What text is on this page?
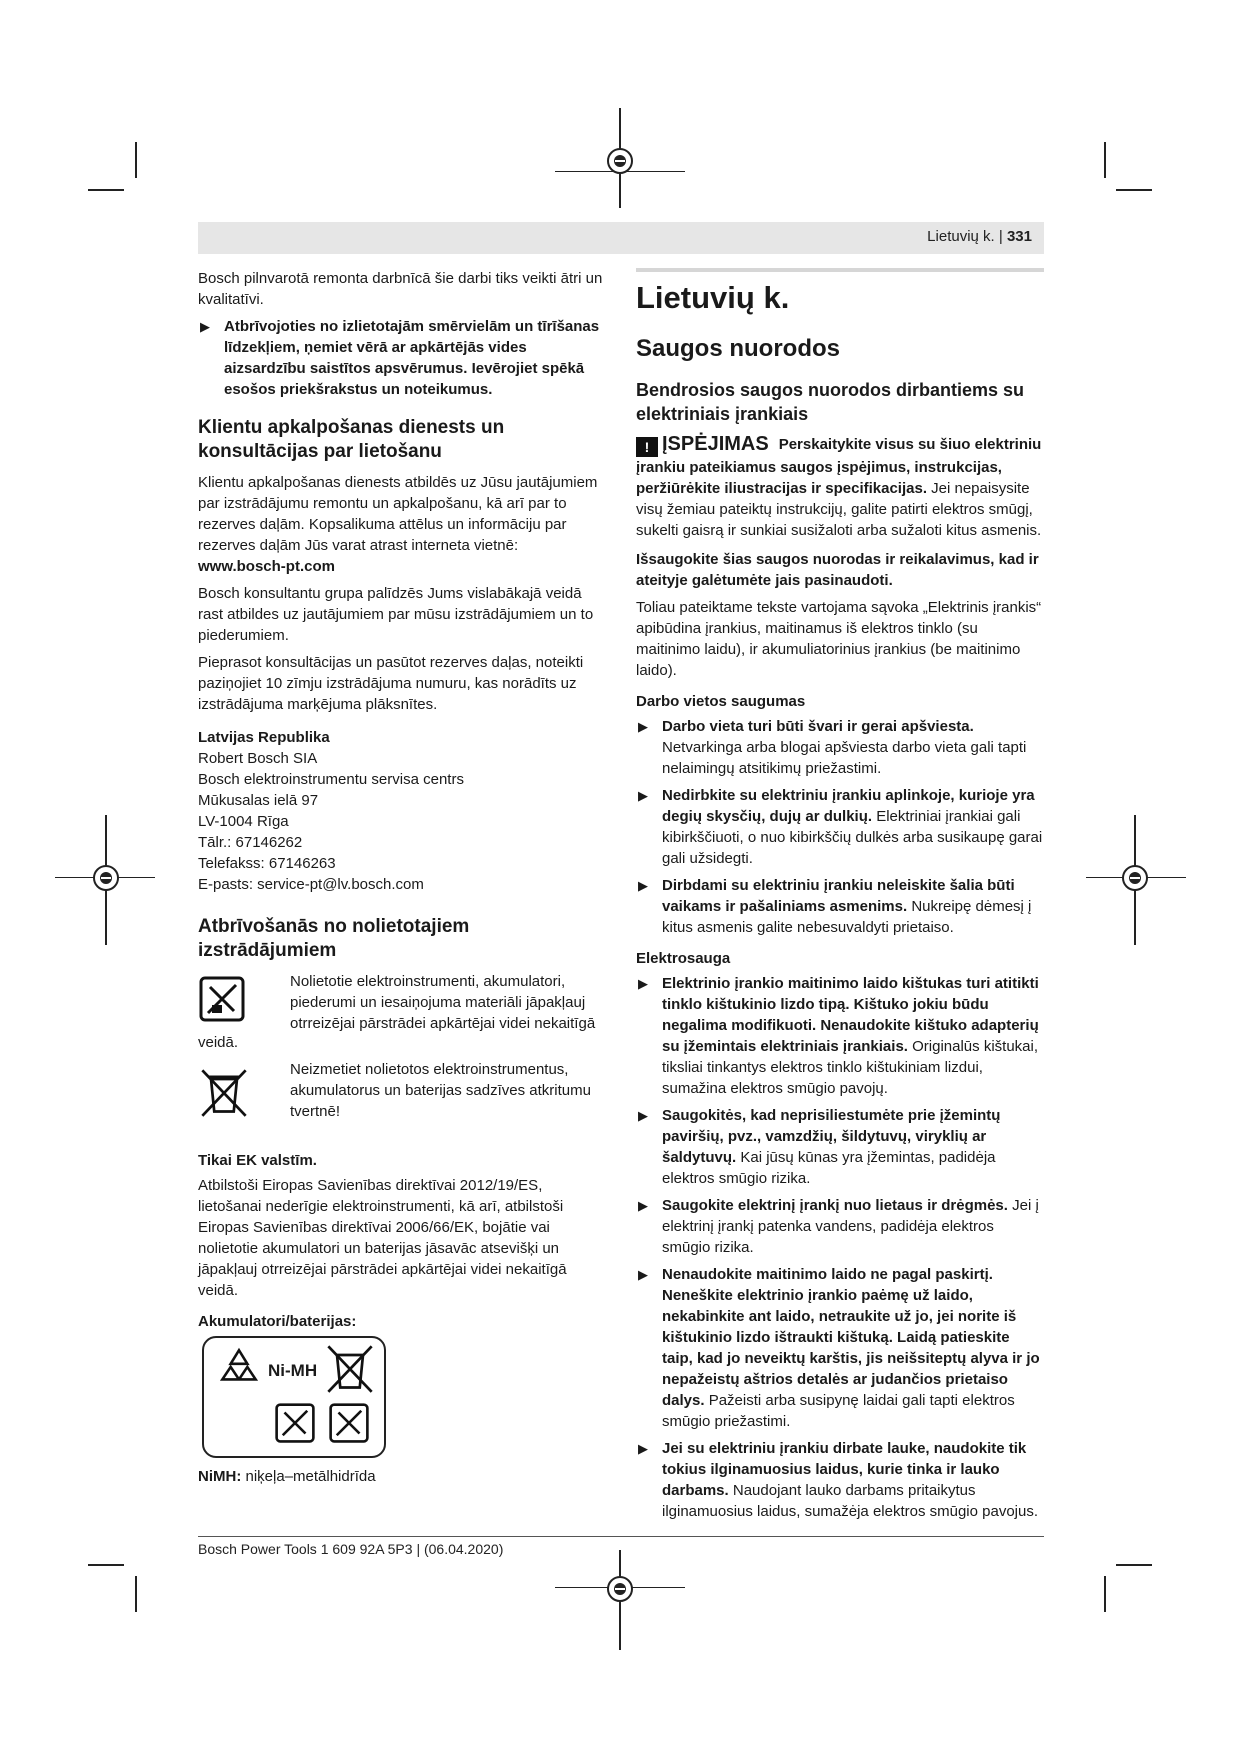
Lietuvių k. | 331

Bosch pilnvarotā remonta darbnīcā šie darbi tiks veikti ātri un kvalitatīvi.

▶ Atbrīvojoties no izlietotajām smērvielām un tīrīšanas līdzekļiem, ņemiet vērā ar apkārtējās vides aizsardzību saistītos apsvērumus. Ievērojiet spēkā esošos priekšrakstus un noteikumus.
Klientu apkalpošanas dienests un konsultācijas par lietošanu

Klientu apkalpošanas dienests atbildēs uz Jūsu jautājumiem par izstrādājumu remontu un apkalpošanu, kā arī par to rezerves daļām. Kopsalikuma attēlus un informāciju par rezerves daļām Jūs varat atrast interneta vietnē:

www.bosch-pt.com

Bosch konsultantu grupa palīdzēs Jums vislabākajā veidā rast atbildes uz jautājumiem par mūsu izstrādājumiem un to piederumiem.

Pieprasot konsultācijas un pasūtot rezerves daļas, noteikti paziņojiet 10 zīmju izstrādājuma numuru, kas norādīts uz izstrādājuma marķējuma plāksnītes.

Latvijas Republika

Robert Bosch SIA

Bosch elektroinstrumentu servisa centrs

Mūkusalas ielā 97

LV-1004 Rīga

Tālr.: 67146262

Telefakss: 67146263

E-pasts: service-pt@lv.bosch.com

Atbrīvošanās no nolietotajiem izstrādājumiem
Nolietotie elektroinstrumenti, akumulatori, piederumi un iesaiņojuma materiāli jāpakļauj otrreizējai pārstrādei apkārtējai videi nekaitīgā

veidā.

Neizmetiet nolietotos elektroinstrumentus, akumulatorus un baterijas sadzīves atkritumu tvertnē!
Tikai EK valstīm.

Atbilstoši Eiropas Savienības direktīvai 2012/19/ES, lietošanai nederīgie elektroinstrumenti, kā arī, atbilstoši Eiropas Savienības direktīvai 2006/66/EK, bojātie vai nolietotie akumulatori un baterijas jāsavāc atsevišķi un jāpakļauj otrreizējai pārstrādei apkārtējai videi nekaitīgā veidā.

Akumulatori/baterijas:
Ni-MH

NiMH: niķeļa–metālhidrīda

Lietuvių k.
Saugos nuorodos
Bendrosios saugos nuorodos dirbantiems su elektriniais įrankiais
! ĮSPĖJIMAS Perskaitykite visus su šiuo elektriniu įrankiu pateikiamus saugos įspėjimus, instrukcijas, peržiūrėkite iliustracijas ir specifikacijas. Jei nepaisysite visų žemiau pateiktų instrukcijų, galite patirti elektros smūgį, sukelti gaisrą ir sunkiai susižaloti arba sužaloti kitus asmenis.

Išsaugokite šias saugos nuorodas ir reikalavimus, kad ir ateityje galėtumėte jais pasinaudoti.

Toliau pateiktame tekste vartojama sąvoka „Elektrinis įrankis“ apibūdina įrankius, maitinamus iš elektros tinklo (su maitinimo laidu), ir akumuliatorinius įrankius (be maitinimo laido).

Darbo vietos saugumas
▶ Darbo vieta turi būti švari ir gerai apšviesta. Netvarkinga arba blogai apšviesta darbo vieta gali tapti nelaimingų atsitikimų priežastimi.
▶ Nedirbkite su elektriniu įrankiu aplinkoje, kurioje yra degių skysčių, dujų ar dulkių. Elektriniai įrankiai gali kibirkščiuoti, o nuo kibirkščių dulkės arba susikaupę garai gali užsidegti.
▶ Dirbdami su elektriniu įrankiu neleiskite šalia būti vaikams ir pašaliniams asmenims. Nukreipę dėmesį į kitus asmenis galite nebesuvaldyti prietaiso.
Elektrosauga
▶ Elektrinio įrankio maitinimo laido kištukas turi atitikti tinklo kištukinio lizdo tipą. Kištuko jokiu būdu negalima modifikuoti. Nenaudokite kištuko adapterių su įžemintais elektriniais įrankiais. Originalūs kištukai, tiksliai tinkantys elektros tinklo kištukiniam lizdui, sumažina elektros smūgio pavojų.
▶ Saugokitės, kad neprisiliestumėte prie įžemintų paviršių, pvz., vamzdžių, šildytuvų, viryklių ar šaldytuvų. Kai jūsų kūnas yra įžemintas, padidėja elektros smūgio rizika.
▶ Saugokite elektrinį įrankį nuo lietaus ir drėgmės. Jei į elektrinį įrankį patenka vandens, padidėja elektros smūgio rizika.
▶ Nenaudokite maitinimo laido ne pagal paskirtį. Neneškite elektrinio įrankio paėmę už laido, nekabinkite ant laido, netraukite už jo, jei norite iš kištukinio lizdo ištraukti kištuką. Laidą patieskite taip, kad jo neveiktų karštis, jis neišsiteptų alyva ir jo nepažeistų aštrios detalės ar judančios prietaiso dalys. Pažeisti arba susipynę laidai gali tapti elektros smūgio priežastimi.
▶ Jei su elektriniu įrankiu dirbate lauke, naudokite tik tokius ilginamuosius laidus, kurie tinka ir lauko darbams. Naudojant lauko darbams pritaikytus ilginamuosius laidus, sumažėja elektros smūgio pavojus.
Bosch Power Tools 1 609 92A 5P3 | (06.04.2020)
